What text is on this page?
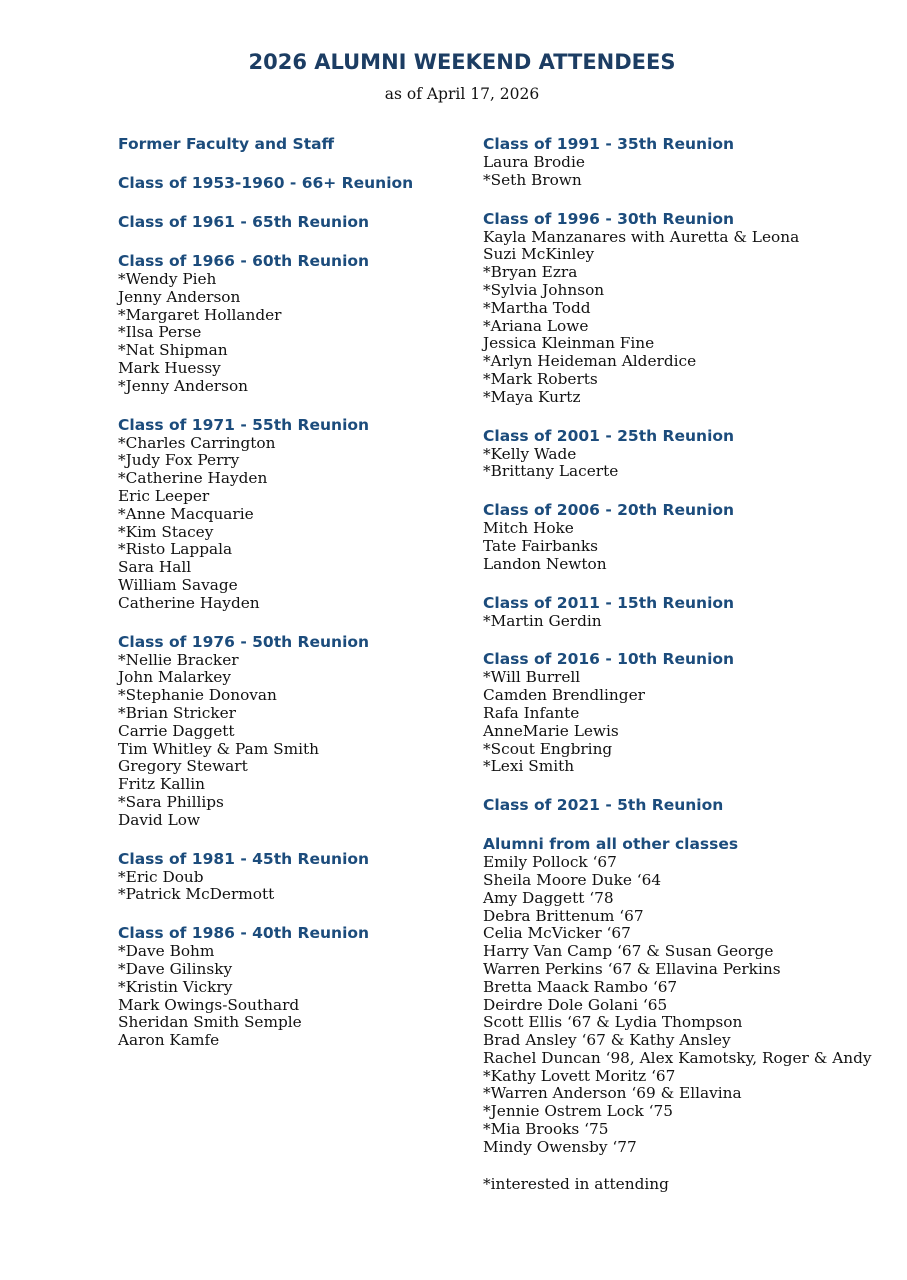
2026 ALUMNI WEEKEND ATTENDEES
as of April 17, 2026
Former Faculty and Staff
Class of 1953-1960 - 66+ Reunion
Class of 1961 - 65th Reunion
Class of 1966 - 60th Reunion
*Wendy Pieh
Jenny Anderson
*Margaret Hollander
*Ilsa Perse
*Nat Shipman
Mark Huessy
*Jenny Anderson
Class of 1971 - 55th Reunion
*Charles Carrington
*Judy Fox Perry
*Catherine Hayden
Eric Leeper
*Anne Macquarie
*Kim Stacey
*Risto Lappala
Sara Hall
William Savage
Catherine Hayden
Class of 1976 - 50th Reunion
*Nellie Bracker
John Malarkey
*Stephanie Donovan
*Brian Stricker
Carrie Daggett
Tim Whitley & Pam Smith
Gregory Stewart
Fritz Kallin
*Sara Phillips
David Low
Class of 1981 - 45th Reunion
*Eric Doub
*Patrick McDermott
Class of 1986 - 40th Reunion
*Dave Bohm
*Dave Gilinsky
*Kristin Vickry
Mark Owings-Southard
Sheridan Smith Semple
Aaron Kamfe
Class of 1991 - 35th Reunion
Laura Brodie
*Seth Brown
Class of 1996 - 30th Reunion
Kayla Manzanares with Auretta & Leona
Suzi McKinley
*Bryan Ezra
*Sylvia Johnson
*Martha Todd
*Ariana Lowe
Jessica Kleinman Fine
*Arlyn Heideman Alderdice
*Mark Roberts
*Maya Kurtz
Class of 2001 - 25th Reunion
*Kelly Wade
*Brittany Lacerte
Class of 2006 - 20th Reunion
Mitch Hoke
Tate Fairbanks
Landon Newton
Class of 2011 - 15th Reunion
*Martin Gerdin
Class of 2016 - 10th Reunion
*Will Burrell
Camden Brendlinger
Rafa Infante
AnneMarie Lewis
*Scout Engbring
*Lexi Smith
Class of 2021 - 5th Reunion
Alumni from all other classes
Emily Pollock ‘67
Sheila Moore Duke ‘64
Amy Daggett ‘78
Debra Brittenum ‘67
Celia McVicker ‘67
Harry Van Camp ‘67 & Susan George
Warren Perkins ‘67 & Ellavina Perkins
Bretta Maack Rambo ‘67
Deirdre Dole Golani ‘65
Scott Ellis ‘67 & Lydia Thompson
Brad Ansley ‘67 & Kathy Ansley
Rachel Duncan ‘98, Alex Kamotsky, Roger & Andy
*Kathy Lovett Moritz ‘67
*Warren Anderson ‘69 & Ellavina
*Jennie Ostrem Lock ‘75
*Mia Brooks ‘75
Mindy Owensby ‘77
*interested in attending
